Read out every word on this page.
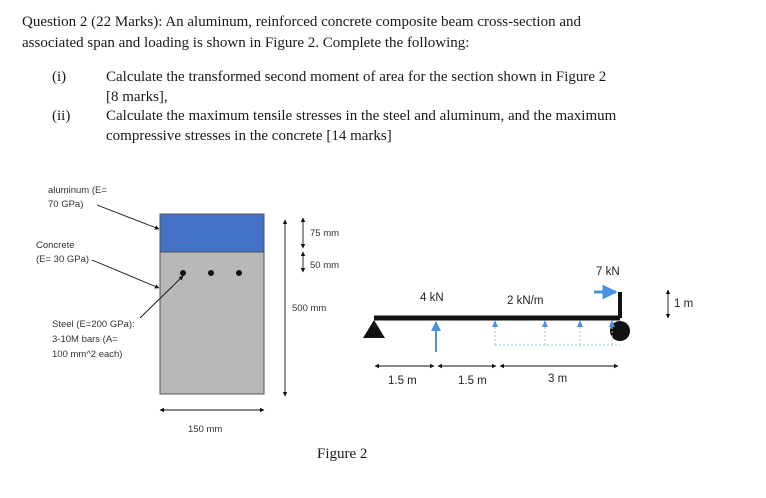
Question 2 (22 Marks): An aluminum, reinforced concrete composite beam cross-section and
associated span and loading is shown in Figure 2. Complete the following:
(i)	Calculate the transformed second moment of area for the section shown in Figure 2
[8 marks],
(ii) Calculate the maximum tensile stresses in the steel and aluminum, and the maximum
compressive stresses in the concrete [14 marks]
aluminum (E=
70 GPa)
Concrete
(E= 30 GPa)
Steel (E=200 GPa):
3-10M bars (A=
100 mm^2 each)
75 mm
50 mm
500 mm
150 mm
4 kN	2 kN/m
7 kN
1 m
1.5 m	1.5 m	3 m
Figure 2
